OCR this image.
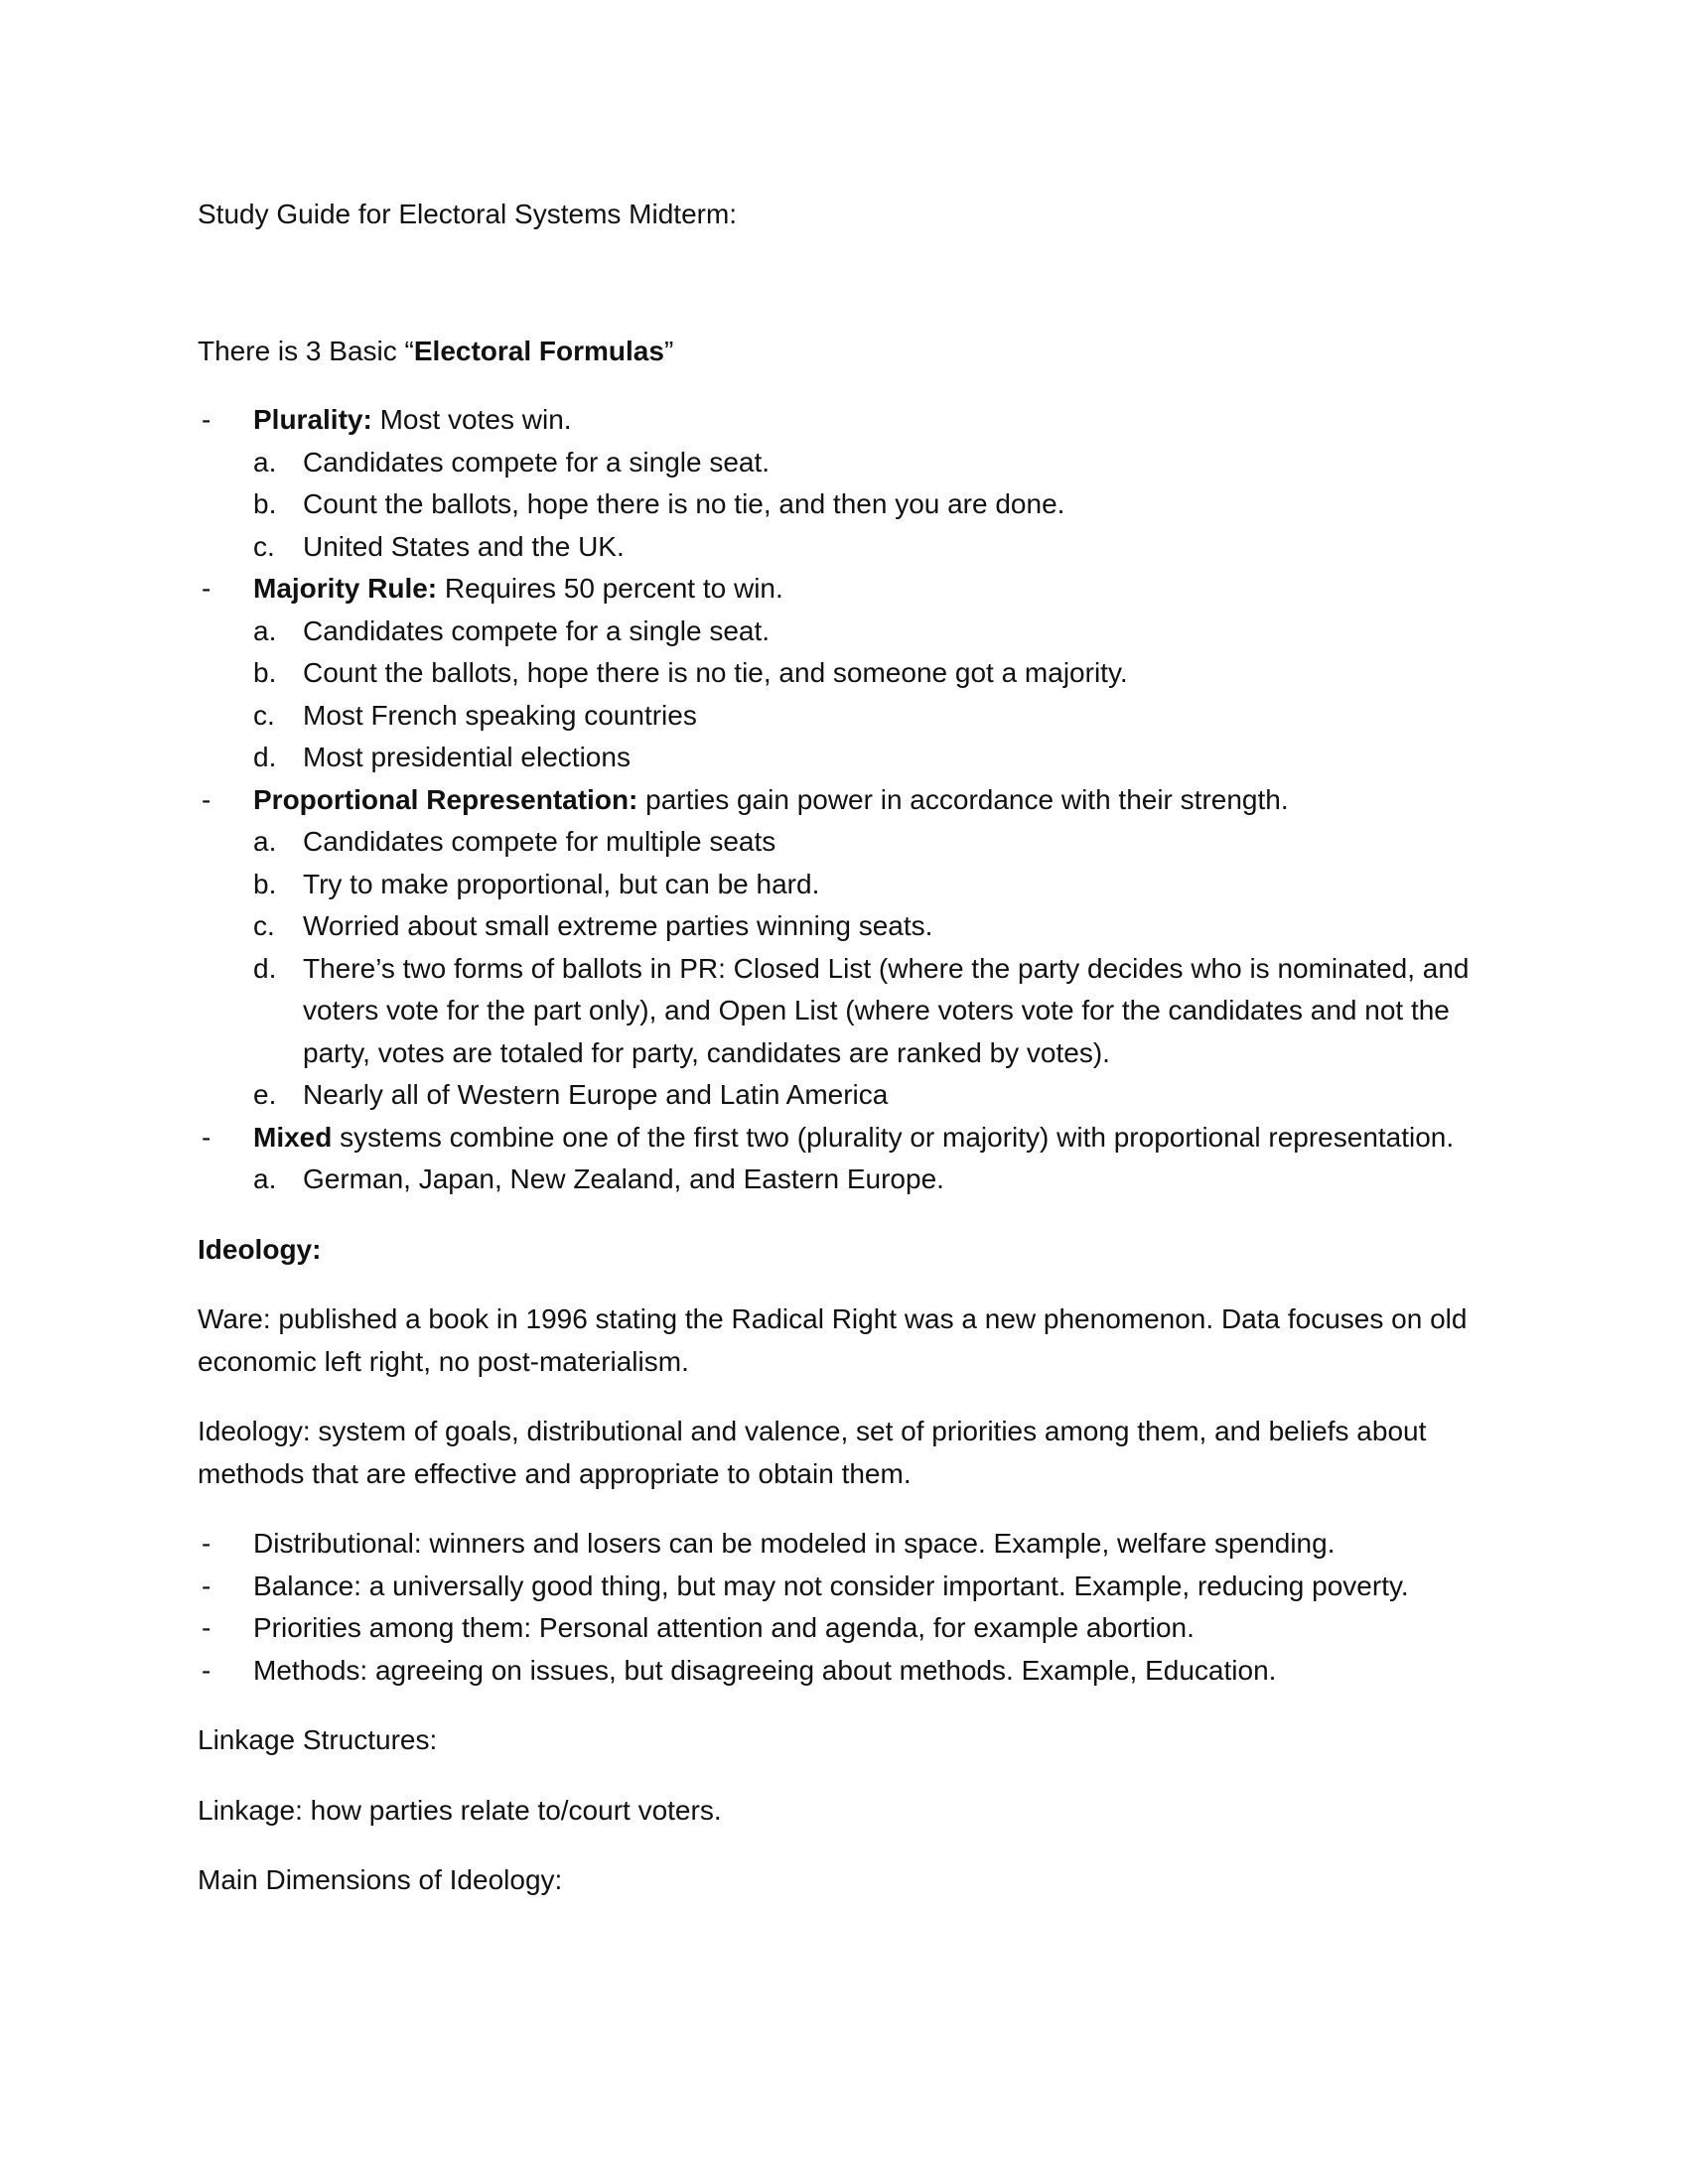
Study Guide for Electoral Systems Midterm:

There is 3 Basic “Electoral Formulas”

- Plurality: Most votes win.
a. Candidates compete for a single seat.
b. Count the ballots, hope there is no tie, and then you are done.
c. United States and the UK.
- Majority Rule: Requires 50 percent to win.
a. Candidates compete for a single seat.
b. Count the ballots, hope there is no tie, and someone got a majority.
c. Most French speaking countries
d. Most presidential elections
- Proportional Representation: parties gain power in accordance with their strength.
a. Candidates compete for multiple seats
b. Try to make proportional, but can be hard.
c. Worried about small extreme parties winning seats.
d. There’s two forms of ballots in PR: Closed List (where the party decides who is nominated, and voters vote for the part only), and Open List (where voters vote for the candidates and not the party, votes are totaled for party, candidates are ranked by votes).
e. Nearly all of Western Europe and Latin America
- Mixed systems combine one of the first two (plurality or majority) with proportional representation.
a. German, Japan, New Zealand, and Eastern Europe.

Ideology:

Ware: published a book in 1996 stating the Radical Right was a new phenomenon. Data focuses on old economic left right, no post-materialism.

Ideology: system of goals, distributional and valence, set of priorities among them, and beliefs about methods that are effective and appropriate to obtain them.

- Distributional: winners and losers can be modeled in space. Example, welfare spending.
- Balance: a universally good thing, but may not consider important. Example, reducing poverty.
- Priorities among them: Personal attention and agenda, for example abortion.
- Methods: agreeing on issues, but disagreeing about methods. Example, Education.

Linkage Structures:

Linkage: how parties relate to/court voters.

Main Dimensions of Ideology:
